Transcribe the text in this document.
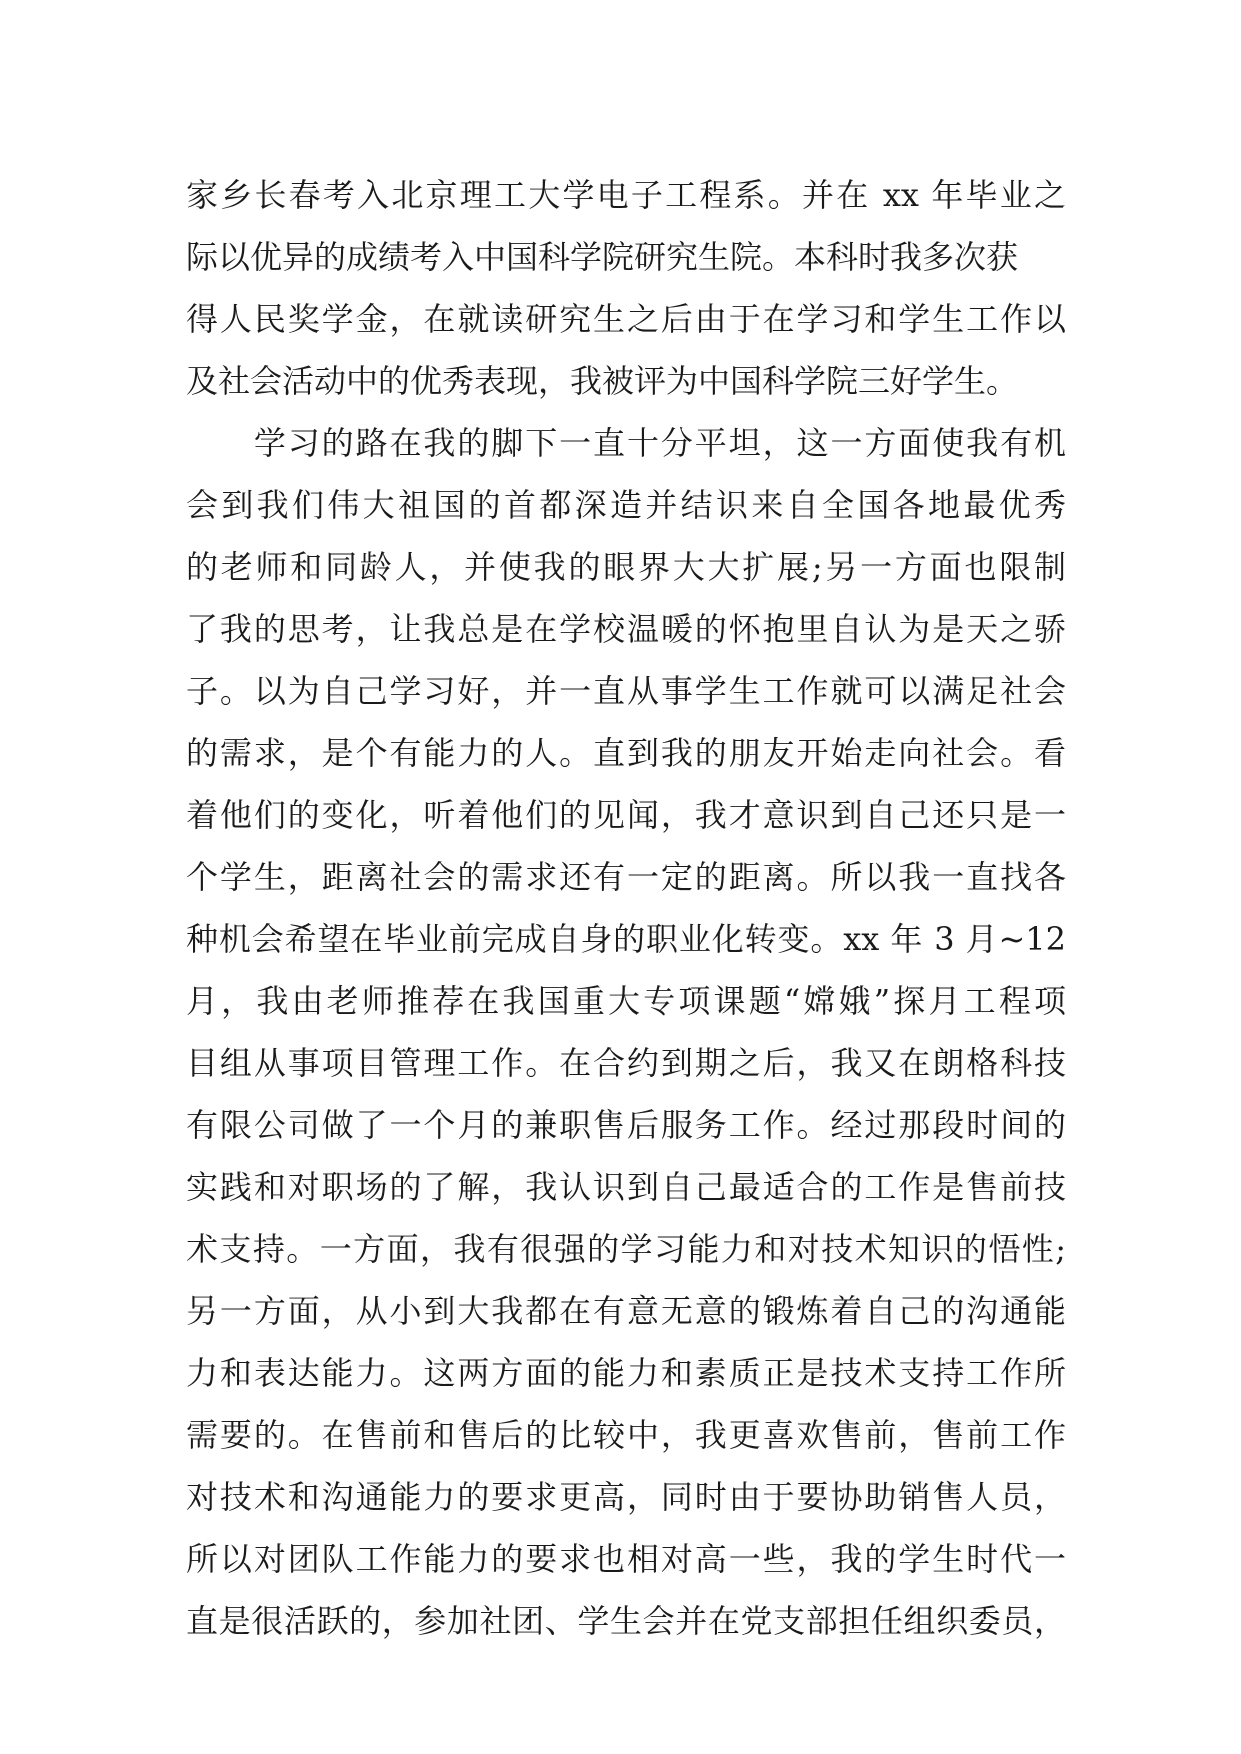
家乡长春考入北京理工大学电子工程系。并在 xx 年毕业之
际以优异的成绩考入中国科学院研究生院。本科时我多次获
得人民奖学金，在就读研究生之后由于在学习和学生工作以
及社会活动中的优秀表现，我被评为中国科学院三好学生。
　　学习的路在我的脚下一直十分平坦，这一方面使我有机
会到我们伟大祖国的首都深造并结识来自全国各地最优秀
的老师和同龄人，并使我的眼界大大扩展;另一方面也限制
了我的思考，让我总是在学校温暖的怀抱里自认为是天之骄
子。以为自己学习好，并一直从事学生工作就可以满足社会
的需求，是个有能力的人。直到我的朋友开始走向社会。看
着他们的变化，听着他们的见闻，我才意识到自己还只是一
个学生，距离社会的需求还有一定的距离。所以我一直找各
种机会希望在毕业前完成自身的职业化转变。xx 年 3 月~12
月，我由老师推荐在我国重大专项课题“嫦娥”探月工程项
目组从事项目管理工作。在合约到期之后，我又在朗格科技
有限公司做了一个月的兼职售后服务工作。经过那段时间的
实践和对职场的了解，我认识到自己最适合的工作是售前技
术支持。一方面，我有很强的学习能力和对技术知识的悟性;
另一方面，从小到大我都在有意无意的锻炼着自己的沟通能
力和表达能力。这两方面的能力和素质正是技术支持工作所
需要的。在售前和售后的比较中，我更喜欢售前，售前工作
对技术和沟通能力的要求更高，同时由于要协助销售人员，
所以对团队工作能力的要求也相对高一些，我的学生时代一
直是很活跃的，参加社团、学生会并在党支部担任组织委员，
